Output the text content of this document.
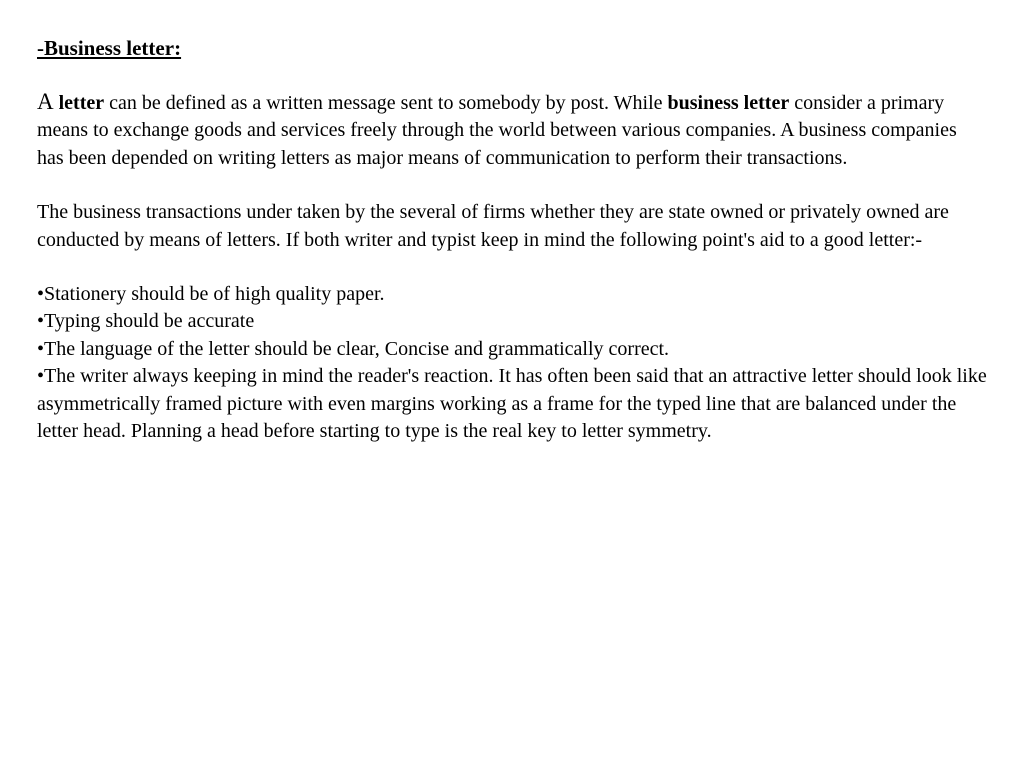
-Business letter:
A letter can be defined as a written message sent to somebody by post. While business letter consider a primary means to exchange goods and services freely through the world between various companies. A business companies has been depended on writing letters as major means of communication to perform their transactions.
The business transactions under taken by the several of firms whether they are state owned or privately owned are conducted by means of letters. If both writer and typist keep in mind the following point's aid to a good letter:-
•Stationery should be of high quality paper.
•Typing should be accurate
•The language of the letter should be clear, Concise and grammatically correct.
•The writer always keeping in mind the reader's reaction. It has often been said that an attractive letter should look like asymmetrically framed picture with even margins working as a frame for the typed line that are balanced under the letter head. Planning a head before starting to type is the real key to letter symmetry.
